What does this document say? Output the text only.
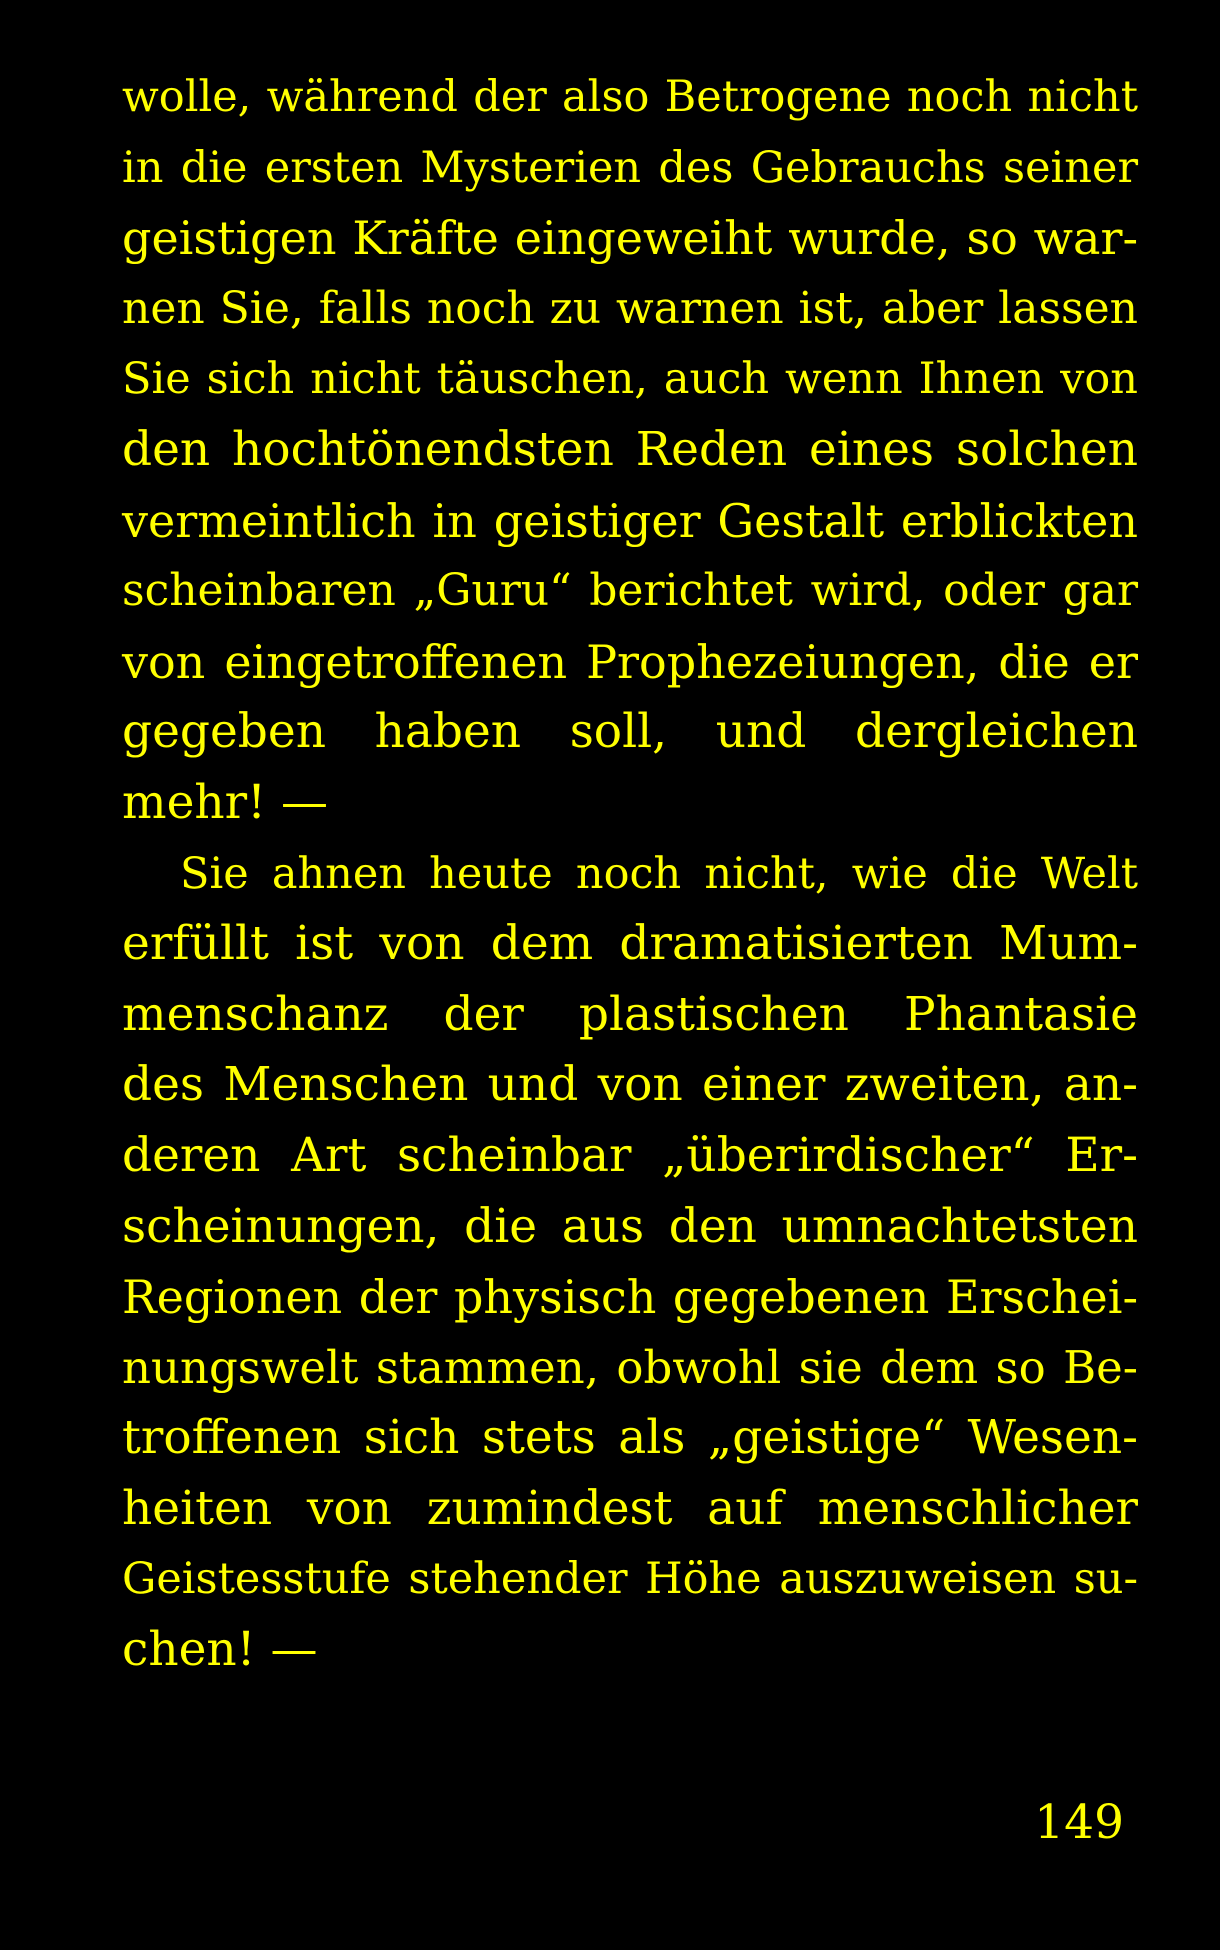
wolle, während der also Betrogene noch nicht
in die ersten Mysterien des Gebrauchs seiner
geistigen Kräfte eingeweiht wurde, so war-
nen Sie, falls noch zu warnen ist, aber lassen
Sie sich nicht täuschen, auch wenn Ihnen von
den hochtönendsten Reden eines solchen
vermeintlich in geistiger Gestalt erblickten
scheinbaren „Guru“ berichtet wird, oder gar
von eingetroffenen Prophezeiungen, die er
gegeben haben soll, und dergleichen
mehr! —
Sie ahnen heute noch nicht, wie die Welt
erfüllt ist von dem dramatisierten Mum-
menschanz der plastischen Phantasie
des Menschen und von einer zweiten, an-
deren Art scheinbar „überirdischer“ Er-
scheinungen, die aus den umnachtetsten
Regionen der physisch gegebenen Erschei-
nungswelt stammen, obwohl sie dem so Be-
troffenen sich stets als „geistige“ Wesen-
heiten von zumindest auf menschlicher
Geistesstufe stehender Höhe auszuweisen su-
chen! —
149
